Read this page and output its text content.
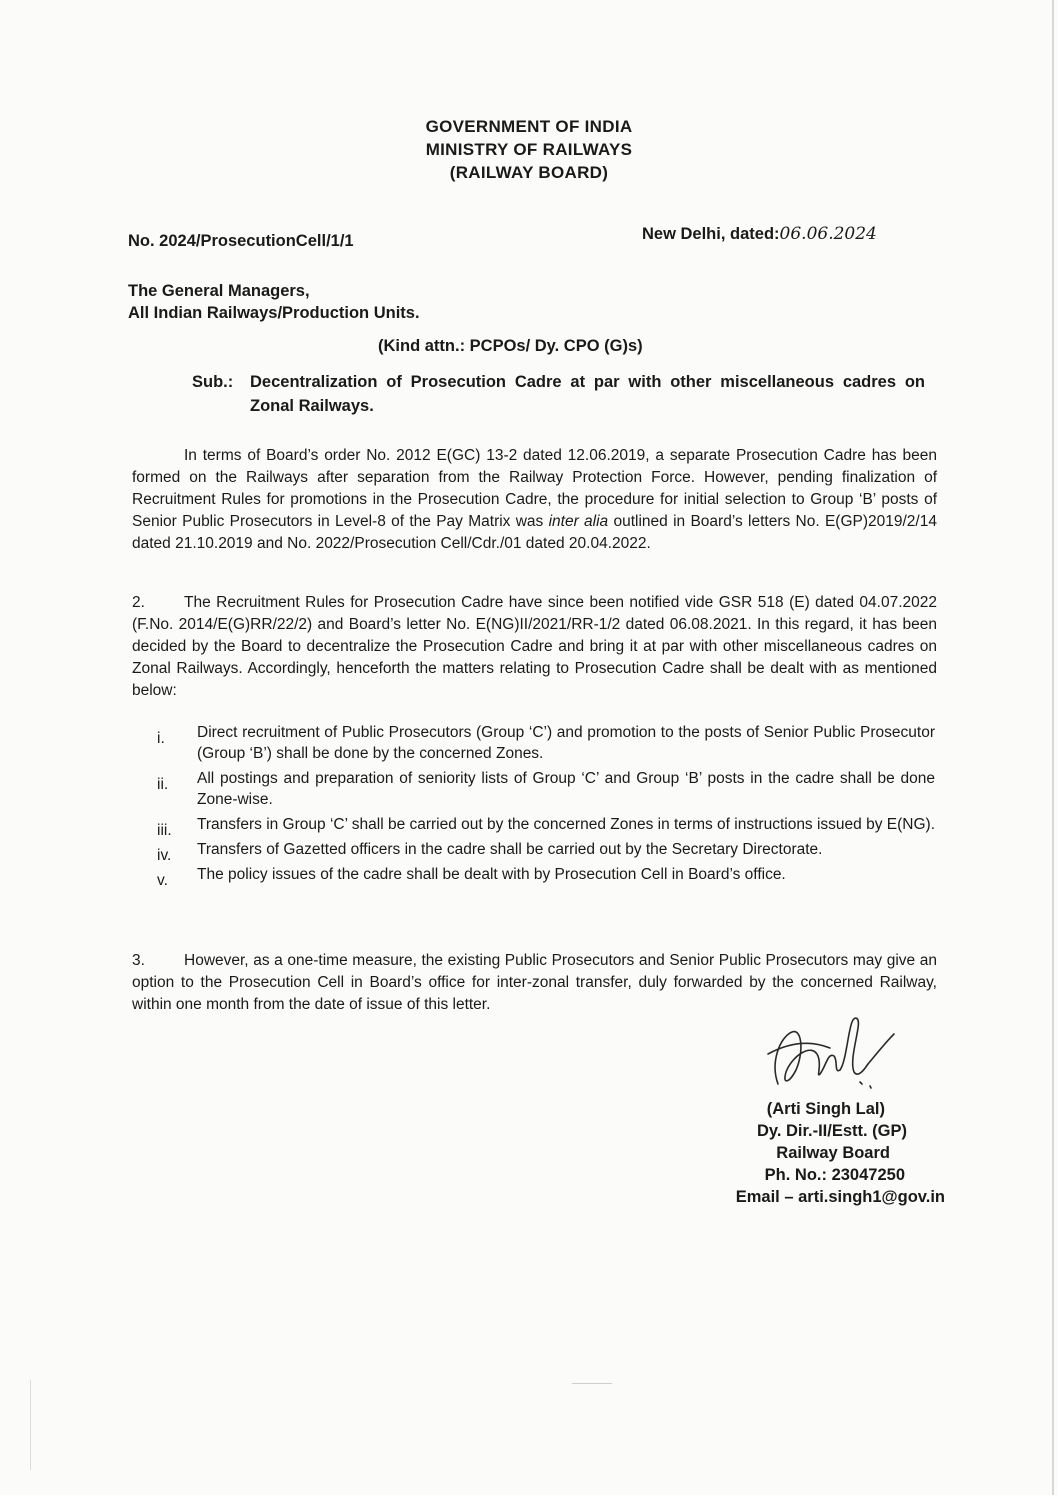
GOVERNMENT OF INDIA
MINISTRY OF RAILWAYS
(RAILWAY BOARD)
No. 2024/ProsecutionCell/1/1	New Delhi, dated:06.06.2024
The General Managers,
All Indian Railways/Production Units.
(Kind attn.: PCPOs/ Dy. CPO (G)s)
Sub.: Decentralization of Prosecution Cadre at par with other miscellaneous cadres on Zonal Railways.
In terms of Board’s order No. 2012 E(GC) 13-2 dated 12.06.2019, a separate Prosecution Cadre has been formed on the Railways after separation from the Railway Protection Force. However, pending finalization of Recruitment Rules for promotions in the Prosecution Cadre, the procedure for initial selection to Group ‘B’ posts of Senior Public Prosecutors in Level-8 of the Pay Matrix was inter alia outlined in Board’s letters No. E(GP)2019/2/14 dated 21.10.2019 and No. 2022/Prosecution Cell/Cdr./01 dated 20.04.2022.
2.	The Recruitment Rules for Prosecution Cadre have since been notified vide GSR 518 (E) dated 04.07.2022 (F.No. 2014/E(G)RR/22/2) and Board’s letter No. E(NG)II/2021/RR-1/2 dated 06.08.2021. In this regard, it has been decided by the Board to decentralize the Prosecution Cadre and bring it at par with other miscellaneous cadres on Zonal Railways. Accordingly, henceforth the matters relating to Prosecution Cadre shall be dealt with as mentioned below:
i.	Direct recruitment of Public Prosecutors (Group ‘C’) and promotion to the posts of Senior Public Prosecutor (Group ‘B’) shall be done by the concerned Zones.
ii.	All postings and preparation of seniority lists of Group ‘C’ and Group ‘B’ posts in the cadre shall be done Zone-wise.
iii.	Transfers in Group ‘C’ shall be carried out by the concerned Zones in terms of instructions issued by E(NG).
iv.	Transfers of Gazetted officers in the cadre shall be carried out by the Secretary Directorate.
v.	The policy issues of the cadre shall be dealt with by Prosecution Cell in Board’s office.
3.	However, as a one-time measure, the existing Public Prosecutors and Senior Public Prosecutors may give an option to the Prosecution Cell in Board’s office for inter-zonal transfer, duly forwarded by the concerned Railway, within one month from the date of issue of this letter.
(Arti Singh Lal)
Dy. Dir.-II/Estt. (GP)
Railway Board
Ph. No.: 23047250
Email – arti.singh1@gov.in
